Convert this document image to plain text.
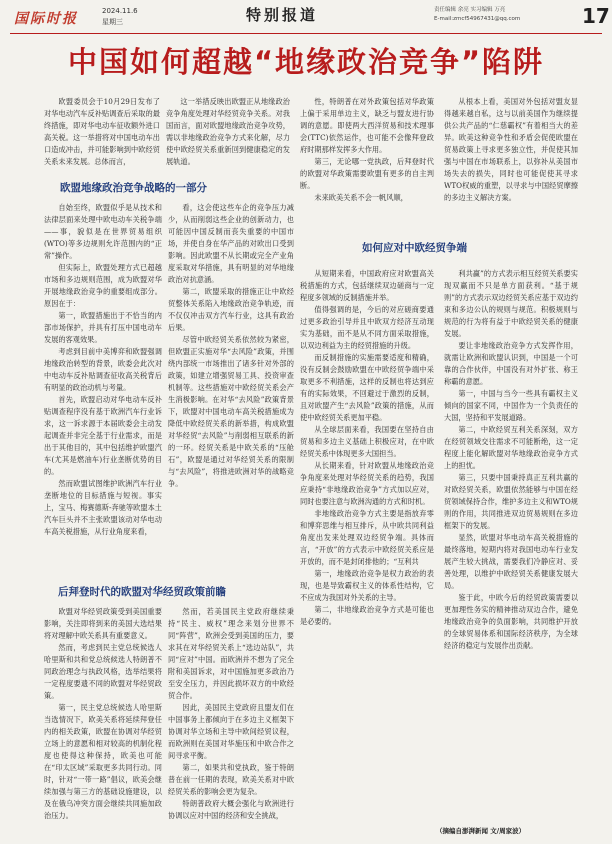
国际时报	2024.11.6
星期三	特别报道	责任编辑 余亮 实习编辑 万亮
E-mail:zmcf54967431@qq.com	17
中国如何超越“地缘政治竞争”陷阱

欧盟委员会于10月29日发布了对华电动汽车反补贴调查后采取的最终措施，即对华电动车征收额外进口高关税。这一举措将对中国电动车出口造成冲击，并可能影响到中欧经贸关系未来发展。总体而言，

这一举措反映出欧盟正从地缘政治竞争角度处理对华经贸竞争关系。对我国而言，面对欧盟地缘政治竞争攻势，需以非地缘政治竞争方式来化解，尽力使中欧经贸关系重新回到健康稳定的发展轨道。

性，特朗普在对外政策包括对华政策上偏于采用单边主义，缺乏与盟友进行协调的意愿。即使两大西洋贸易和技术理事会(TTC)依然运作，也可能不会像拜登政府时期那样发挥多大作用。

第三，无论哪一党执政，后拜登时代的欧盟对华政策需要欧盟有更多的自主判断。

未来欧美关系不会一帆风顺，

从根本上看，美国对外包括对盟友显得越来越自私，这与以前美国作为继续提供公共产品的“仁慈霸权”有着相当大的差异。欧美这种竞争性和矛盾会促使欧盟在贸易政策上寻求更多独立性，并促使其加强与中国在市场联系上，以弥补从美国市场失去的损失，同时也可能促使其寻求WTO权威的重塑，以寻求与中国经贸摩擦的多边主义解决方案。

欧盟地缘政治竞争战略的一部分

自始至终，欧盟似乎是从技术和法律层面来处理中欧电动车关税争端——事，貌似是在世界贸易组织(WTO)等多边规则允许范围内的“正常”操作。

但实际上，欧盟处理方式已超越市场和多边规则范围，成为欧盟对华开展地缘政治竞争的重要组成部分。原因在于：

第一，欧盟措施出于不恰当的内部市场保护，并具有打压中国电动车发展的客观效果。

考虑到目前中美博弈和欧盟强调地缘政治转型的背景，欧委会此次对中电动车反补贴调查征收高关税背后有明显的政治动机与考量。

首先，欧盟启动对华电动车反补贴调查程序没有基于欧洲汽车行业诉求，这一诉求源于本届欧委会主动发起调查并非完全基于行业需求，而是出于其他目的，其中包括维护欧盟汽车(尤其是燃油车)行业垄断优势的目的。

然而欧盟试图维护欧洲汽车行业垄断地位的目标措施与短视。事实上，宝马、梅赛德斯-奔驰等欧盟本土汽车巨头并不主张欧盟该动对华电动车高关税措施，从行业角度来看，

看，这会使这些车企的竞争压力减少，从而削弱这些企业的创新动力，也可能因中国反制而丧失重要的中国市场，并使自身在华产品的对欧出口受到影响。因此欧盟不从长期或完全产业角度采取对华措施，具有明显的对华地缘政治对抗意涵。

第二，欧盟采取的措施正让中欧经贸整体关系陷入地缘政治竞争轨迹，而不仅仅冲击双方汽车行业，这具有政治后果。

尽管中欧经贸关系依然较为紧密，但欧盟正实施对华“去风险”政策，并围绕内部统一市场推出了诸多针对外部的政策，如建立增强贸易工具、投资审查机制等。这些措施对中欧经贸关系会产生消极影响。在对华“去风险”政策背景下，欧盟对中国电动车高关税措施成为降低中欧经贸关系的新举措，构成欧盟对华经贸“去风险”与削弱相互联系的新的一环。经贸关系是中欧关系的“压舱石”，欧盟是通过对华经贸关系的限制与“去风险”，将推进欧洲对华的战略竞争。

如何应对中欧经贸争端

从短期来看，中国政府应对欧盟高关税措施的方式，包括继续双边磋商与一定程度多领域的反制措施并举。

值得强调的是，今后的对应磋商要通过更多政治引导并且中欧双方经济互动现实为基础，而不是从不同方面采取措施，以双边利益为主的经贸措施的升级。

而反制措施的实施需要适度和精确，没有反制会鼓励欧盟在中欧经贸争端中采取更多不利措施，这样的反制也将达到应有的实际效果，不回避过于激烈的反制，且对欧盟产生“去风险”政策的措施，从而使中欧经贸关系更加平稳。

从全球层面来看，我国要在坚持自由贸易和多边主义基础上积极应对，在中欧经贸关系中体现更多大国担当。

从长期来看，针对欧盟从地缘政治竞争角度来处理对华经贸关系的趋势，我国应秉持“非地缘政治竞争”方式加以应对，同时也要注意与欧洲沟通的方式和时机。

非地缘政治竞争方式主要是指放弃零和博弈思维与相互排斥，从中欧共同利益角度出发来处理双边经贸争端。具体而言，“开放”的方式表示中欧经贸关系应是开放的，而不是封闭排他的；“互利共

第一，地缘政治竞争是权力政治的表现，也是导致霸权主义的体系性结构，它不应成为我国对外关系的主导。

第二，非地缘政治竞争方式是可能也是必要的。

利共赢”的方式表示相互经贸关系要实现双赢而不只是单方面获利。“基于规则”的方式表示双边经贸关系应基于双边约束和多边公认的规则与规范。积极规则与规范的行为将有益于中欧经贸关系的健康发展。

要让非地缘政治竞争方式发挥作用，就需让欧洲和欧盟认识到，中国是一个可靠的合作伙伴，中国没有对外扩张、称王称霸的意愿。

第一，中国与当今一些具有霸权主义倾向的国家不同，中国作为一个负责任的大国，坚持和平发展道路。

第二，中欧经贸互利关系深刻，双方在经贸领域交往需求不可能断绝，这一定程度上能化解欧盟对华地缘政治竞争方式上的担忧。

第三，只要中国秉持真正互利共赢的对欧经贸关系，欧盟依然能够与中国在经贸领域保持合作，维护多边主义和WTO规则的作用，共同推进双边贸易规则在多边框架下的发展。

显然，欧盟对华电动车高关税措施的最终落地，短期内将对我国电动车行业发展产生较大挑战，需要我们冷静应对、妥善处理，以维护中欧经贸关系健康发展大局。

鉴于此，中欧今后的经贸政策需要以更加理性务实的精神推动双边合作，避免地缘政治竞争的负面影响，共同维护开放的全球贸易体系和国际经济秩序，为全球经济的稳定与发展作出贡献。

后拜登时代的欧盟对华经贸政策前瞻

欧盟对华经贸政策受到美国重要影响，关注即将到来的美国大选结果将对理解中欧关系具有重要意义。

然而，考虑到民主党总统候选人哈里斯和共和党总统候选人特朗普不同政治理念与执政风格，选举结果将一定程度要遗不同的欧盟对华经贸政策。

第一，民主党总统候选人哈里斯当选情况下，欧美关系将延续拜登任内的相关政策，欧盟在协调对华经贸立场上的意愿和相对较高的机制化程度也使得这种保持，欧美也可能在“印太区域”采取更多共同行动。同时，针对“一带一路”倡议，欧美会继续加强与第三方的基础设施建设，以及在俄乌冲突方面会继续共同施加政治压力。

然而，若美国民主党政府继续秉持“民主、威权”理念来划分世界不同“阵营”，欧洲会受到美国的压力，要求其在对华经贸关系上“选边站队”，共同“应对”中国。而欧洲并不想为了完全附和美国诉求，对中国施加更多政治乃至安全压力，并因此损坏双方的中欧经贸合作。

因此，美国民主党政府且盟友们在中国事务上都倾向于在多边主义框架下协调对华立场和主导中欧间经贸议程，而欧洲则在美国对华施压和中欧合作之间寻求平衡。

第二，如果共和党执政，鉴于特朗普在前一任期的表现，欧美关系对中欧经贸关系的影响会更为复杂。

特朗普政府大概会强化与欧洲进行协调以应对中国的经济和安全挑战，

（摘编自澎湃新闻 文/周家波）
